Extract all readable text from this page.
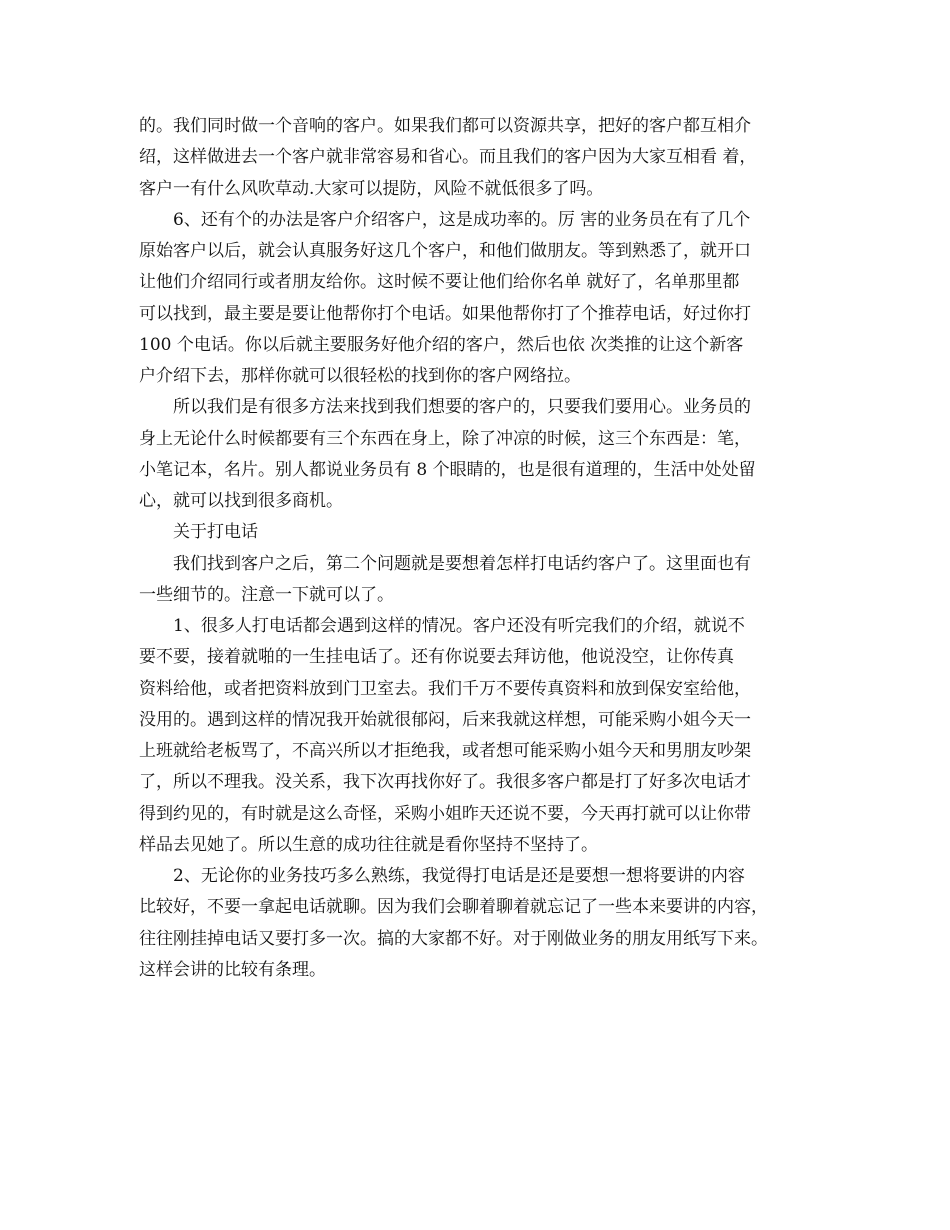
的。我们同时做一个音响的客户。如果我们都可以资源共享，把好的客户都互相介
绍，这样做进去一个客户就非常容易和省心。而且我们的客户因为大家互相看 着，
客户一有什么风吹草动.大家可以提防，风险不就低很多了吗。
6、还有个的办法是客户介绍客户，这是成功率的。厉 害的业务员在有了几个
原始客户以后，就会认真服务好这几个客户，和他们做朋友。等到熟悉了，就开口
让他们介绍同行或者朋友给你。这时候不要让他们给你名单 就好了，名单那里都
可以找到，最主要是要让他帮你打个电话。如果他帮你打了个推荐电话，好过你打
100 个电话。你以后就主要服务好他介绍的客户，然后也依 次类推的让这个新客
户介绍下去，那样你就可以很轻松的找到你的客户网络拉。
所以我们是有很多方法来找到我们想要的客户的，只要我们要用心。业务员的
身上无论什么时候都要有三个东西在身上，除了冲凉的时候，这三个东西是：笔，
小笔记本，名片。别人都说业务员有 8 个眼睛的，也是很有道理的，生活中处处留
心，就可以找到很多商机。
关于打电话
我们找到客户之后，第二个问题就是要想着怎样打电话约客户了。这里面也有
一些细节的。注意一下就可以了。
1、很多人打电话都会遇到这样的情况。客户还没有听完我们的介绍，就说不
要不要，接着就啪的一生挂电话了。还有你说要去拜访他，他说没空，让你传真
资料给他，或者把资料放到门卫室去。我们千万不要传真资料和放到保安室给他，
没用的。遇到这样的情况我开始就很郁闷，后来我就这样想，可能采购小姐今天一
上班就给老板骂了，不高兴所以才拒绝我，或者想可能采购小姐今天和男朋友吵架
了，所以不理我。没关系，我下次再找你好了。我很多客户都是打了好多次电话才
得到约见的，有时就是这么奇怪，采购小姐昨天还说不要，今天再打就可以让你带
样品去见她了。所以生意的成功往往就是看你坚持不坚持了。
2、无论你的业务技巧多么熟练，我觉得打电话是还是要想一想将要讲的内容
比较好，不要一拿起电话就聊。因为我们会聊着聊着就忘记了一些本来要讲的内容，
往往刚挂掉电话又要打多一次。搞的大家都不好。对于刚做业务的朋友用纸写下来。
这样会讲的比较有条理。
